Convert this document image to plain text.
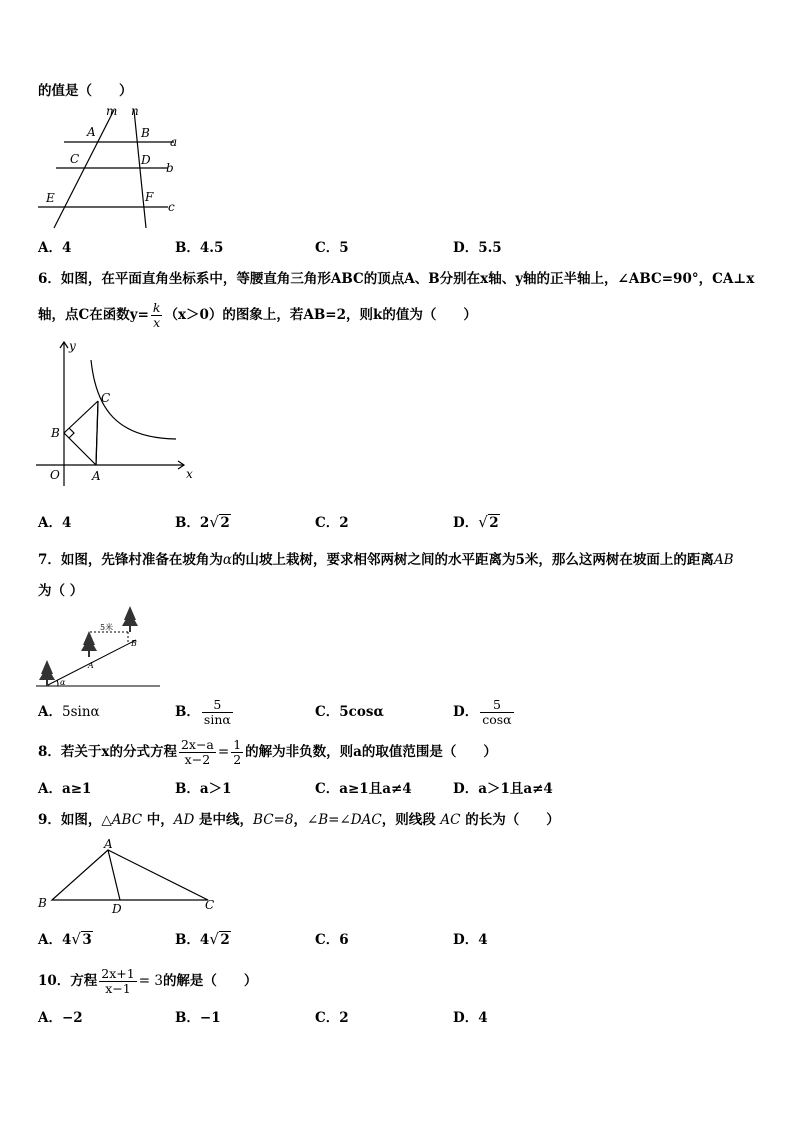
的值是（　　）
m n
A	B
C	D
E	F
a
b
c
A．4	B．4.5	C．5	D．5.5
6．如图，在平面直角坐标系中，等腰直角三角形ABC的顶点A、B分别在x轴、y轴的正半轴上，∠ABC=90°，CA⊥x
轴，点C在函数$y= \frac{k}{x} (x>0)$的图象上，若AB=2，则k的值为（　　）
y
x
O	A
B
C
A．4	B．2 √ 2	C．2	D． √ 2
7．如图，先锋村准备在坡角为α的山坡上栽树，要求相邻两树之间的水平距离为5米，那么这两树在坡面上的距离AB
为（ ）
5米
A
B
α
A．5sinα	B． $\frac{5}{\sin\alpha}$	C．5cosα	D． $\frac{5}{\cos\alpha}$
8．若关于x的分式方程 $\frac{2x-a}{x-2} = \frac{1}{2}$ 的解为非负数，则a的取值范围是（　　）
A．a≥1	B．a＞1	C．a≥1且a≠4	D．a＞1且a≠4
9．如图，△ABC 中，AD 是中线，BC=8，∠B=∠DAC，则线段 AC 的长为（　　）
A
B	C
D
A．4 √ 3	B．4 √ 2	C．6	D．4
10．方程 $\frac{2x+1}{x-1} = 3$的解是（　　）
A．−2	B．−1	C．2	D．4
